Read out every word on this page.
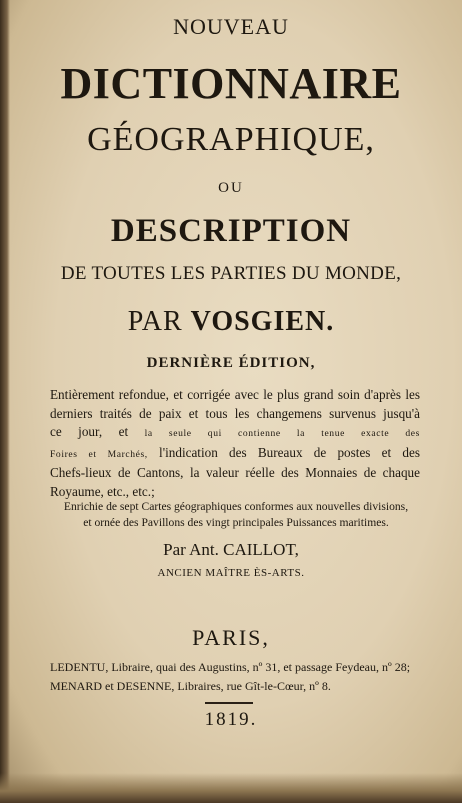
NOUVEAU
DICTIONNAIRE
GÉOGRAPHIQUE,
OU
DESCRIPTION
DE TOUTES LES PARTIES DU MONDE,
PAR VOSGIEN.
DERNIÈRE ÉDITION,
Entièrement refondue, et corrigée avec le plus grand soin d'après les
derniers traités de paix et tous les changemens survenus jusqu'à
ce jour, et la seule qui contienne la tenue exacte des
Foires et Marchés, l'indication des Bureaux de postes et des
Chefs-lieux de Cantons, la valeur réelle des Monnaies de chaque
Royaume, etc., etc.;
Enrichie de sept Cartes géographiques conformes aux nouvelles divisions,
et ornée des Pavillons des vingt principales Puissances maritimes.
Par Ant. CAILLOT,
ANCIEN MAÎTRE ÈS-ARTS.
PARIS,
LEDENTU, Libraire, quai des Augustins, nº 31, et passage Feydeau, nº 28;
MENARD et DESENNE, Libraires, rue Gît-le-Cœur, nº 8.
1819.
